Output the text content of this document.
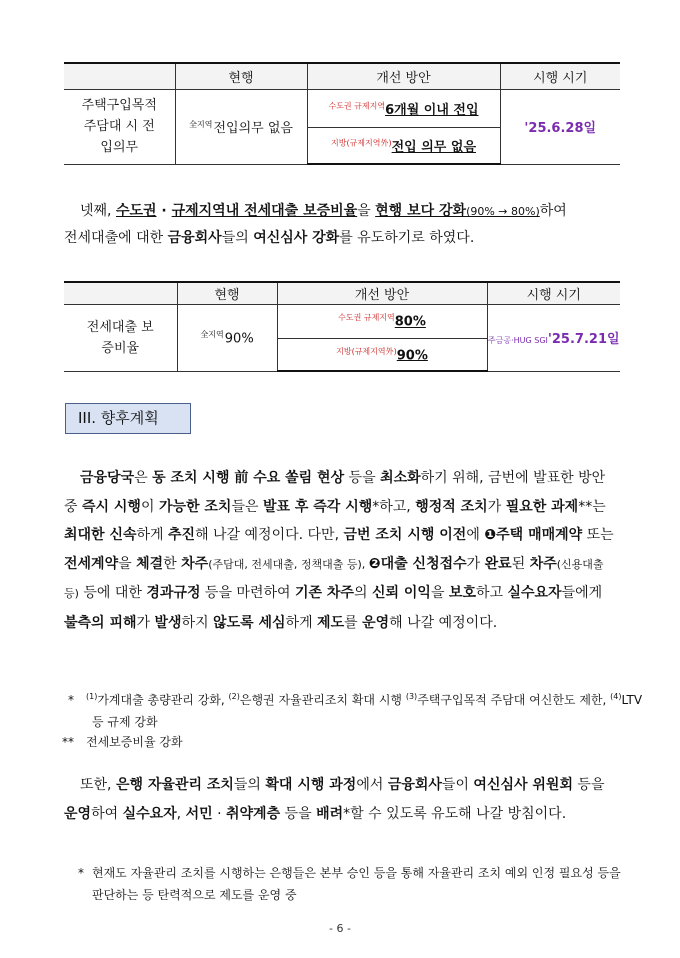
	현행	개선 방안	시행 시기
주택구입목적 주담대 시 전입의무	$^{全지역}$전입의무 없음	$^{수도권 규제지역}$6개월 이내 전입	'25.6.28일
		$^{지방(규제지역外)}$전입 의무 없음	

넷째, 수도권 · 규제지역내 전세대출 보증비율을 현행 보다 강화(90% → 80%)하여 전세대출에 대한 금융회사들의 여신심사 강화를 유도하기로 하였다.

	현행	개선 방안	시행 시기
전세대출 보증비율	$^{全지역}$90%	$^{수도권 규제지역}$80%	주금공·HUG SGI'25.7.21일
		$^{지방(규제지역外)}$90%	
III. 향후계획

금융당국은 동 조치 시행 前 수요 쏠림 현상 등을 최소화하기 위해, 금번에 발표한 방안 중 즉시 시행이 가능한 조치들은 발표 후 즉각 시행*하고, 행정적 조치가 필요한 과제**는 최대한 신속하게 추진해 나갈 예정이다. 다만, 금번 조치 시행 이전에 ❶주택 매매계약 또는 전세계약을 체결한 차주(주담대, 전세대출, 정책대출 등), ❷대출 신청접수가 완료된 차주(신용대출 등) 등에 대한 경과규정 등을 마련하여 기존 차주의 신뢰 이익을 보호하고 실수요자들에게 불측의 피해가 발생하지 않도록 세심하게 제도를 운영해 나갈 예정이다.

* $^{(1)}$가계대출 총량관리 강화, $^{(2)}$은행권 자율관리조치 확대 시행 $^{(3)}$주택구입목적 주담대 여신한도 제한, $^{(4)}$LTV 등 규제 강화

** 전세보증비율 강화

또한, 은행 자율관리 조치들의 확대 시행 과정에서 금융회사들이 여신심사 위원회 등을 운영하여 실수요자, 서민 · 취약계층 등을 배려*할 수 있도록 유도해 나갈 방침이다.

* 현재도 자율관리 조치를 시행하는 은행들은 본부 승인 등을 통해 자율관리 조치 예외 인정 필요성 등을 판단하는 등 탄력적으로 제도를 운영 중

- 6 -
